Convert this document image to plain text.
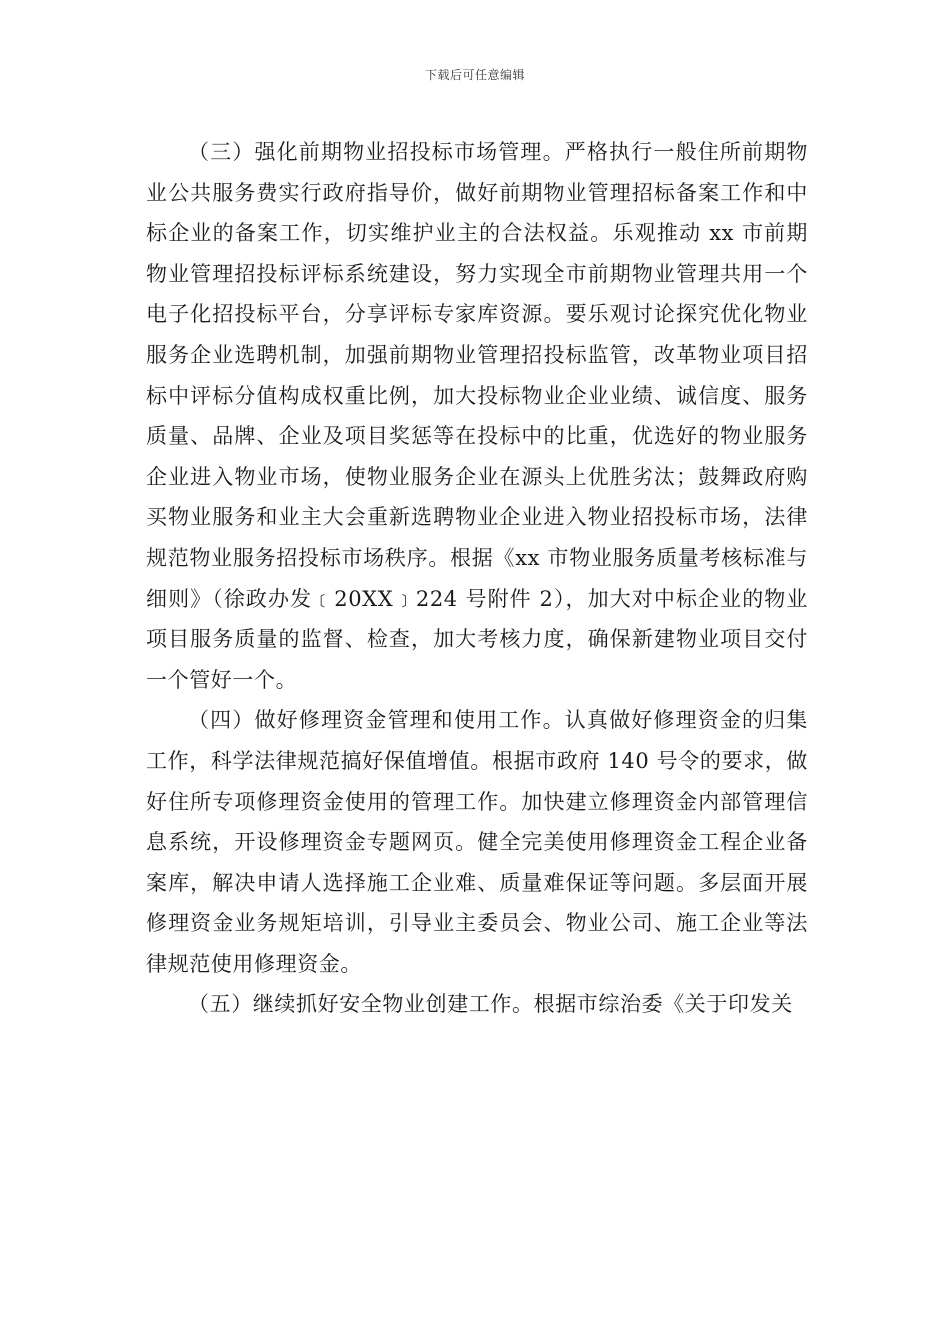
下载后可任意编辑

（三）强化前期物业招投标市场管理。严格执行一般住所前期物业公共服务费实行政府指导价，做好前期物业管理招标备案工作和中标企业的备案工作，切实维护业主的合法权益。乐观推动 xx 市前期物业管理招投标评标系统建设，努力实现全市前期物业管理共用一个电子化招投标平台，分享评标专家库资源。要乐观讨论探究优化物业服务企业选聘机制，加强前期物业管理招投标监管，改革物业项目招标中评标分值构成权重比例，加大投标物业企业业绩、诚信度、服务质量、品牌、企业及项目奖惩等在投标中的比重，优选好的物业服务企业进入物业市场，使物业服务企业在源头上优胜劣汰；鼓舞政府购买物业服务和业主大会重新选聘物业企业进入物业招投标市场，法律规范物业服务招投标市场秩序。根据《xx 市物业服务质量考核标准与细则》（徐政办发﹝20XX﹞224 号附件 2），加大对中标企业的物业项目服务质量的监督、检查，加大考核力度，确保新建物业项目交付一个管好一个。

（四）做好修理资金管理和使用工作。认真做好修理资金的归集工作，科学法律规范搞好保值增值。根据市政府 140 号令的要求，做好住所专项修理资金使用的管理工作。加快建立修理资金内部管理信息系统，开设修理资金专题网页。健全完美使用修理资金工程企业备案库，解决申请人选择施工企业难、质量难保证等问题。多层面开展修理资金业务规矩培训，引导业主委员会、物业公司、施工企业等法律规范使用修理资金。

（五）继续抓好安全物业创建工作。根据市综治委《关于印发关
